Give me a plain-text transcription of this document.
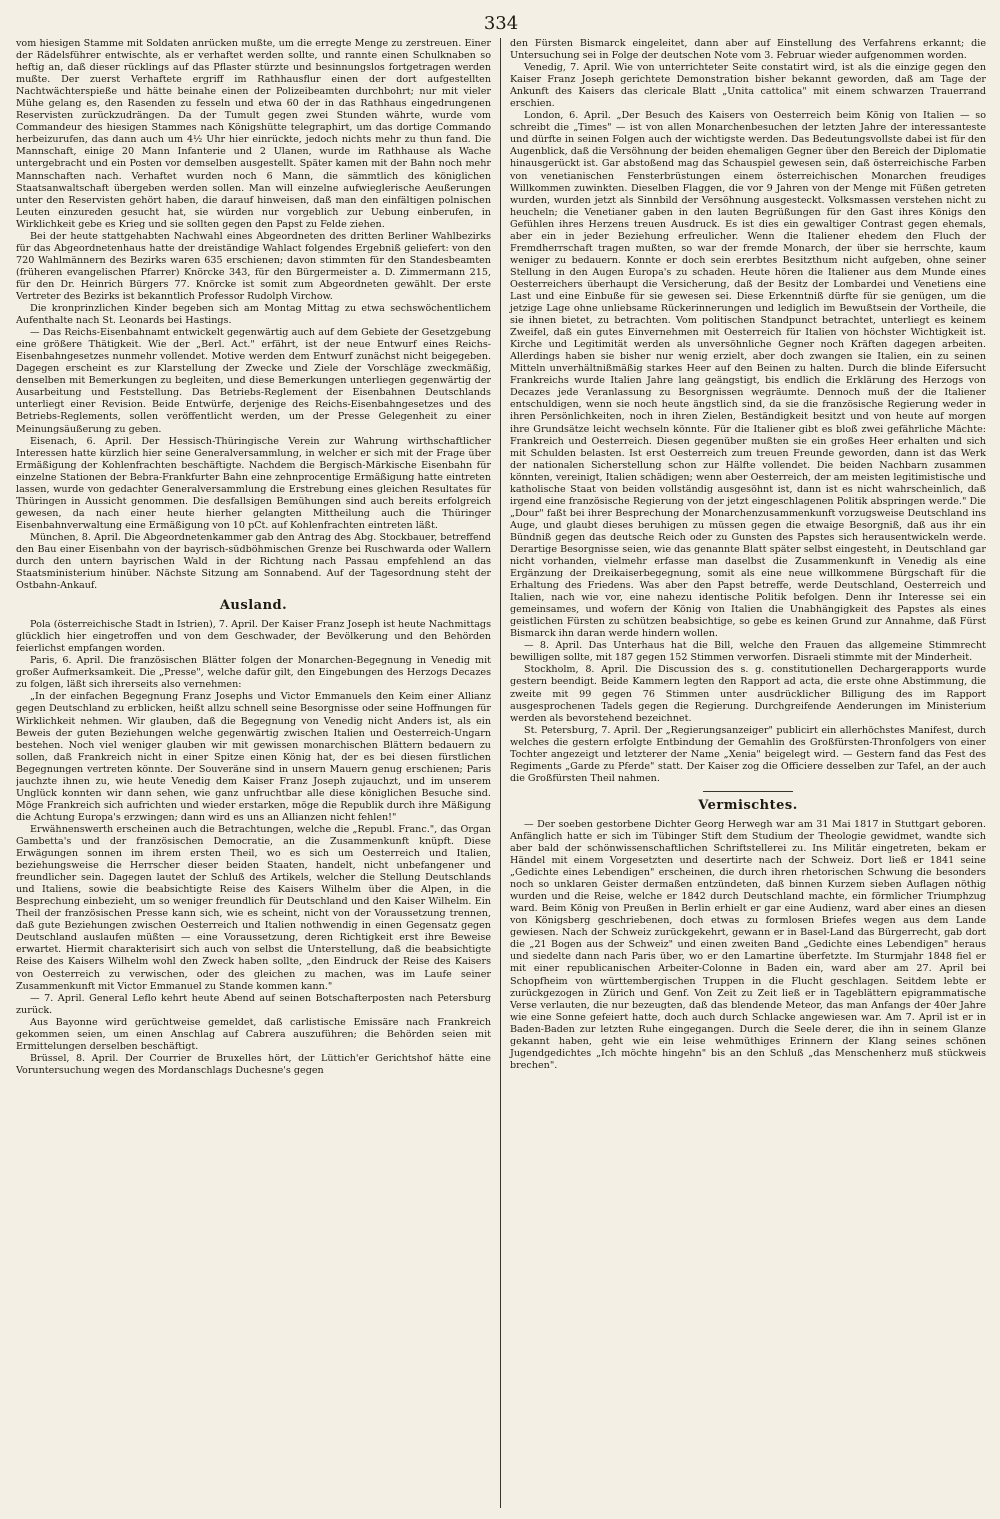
334

vom hiesigen Stamme mit Soldaten anrücken mußte, um die erregte Menge zu zerstreuen. Einer der Rädelsführer entwischte, als er verhaftet werden sollte, und rannte einen Schulknaben so heftig an, daß dieser rücklings auf das Pflaster stürzte und besinnungslos fortgetragen werden mußte. Der zuerst Verhaftete ergriff im Rathhausflur einen der dort aufgestellten Nachtwächterspieße und hätte beinahe einen der Polizeibeamten durchbohrt; nur mit vieler Mühe gelang es, den Rasenden zu fesseln und etwa 60 der in das Rathhaus eingedrungenen Reservisten zurückzudrängen. Da der Tumult gegen zwei Stunden währte, wurde vom Commandeur des hiesigen Stammes nach Königshütte telegraphirt, um das dortige Commando herbeizurufen, das dann auch um 4½ Uhr hier einrückte, jedoch nichts mehr zu thun fand. Die Mannschaft, einige 20 Mann Infanterie und 2 Ulanen, wurde im Rathhause als Wache untergebracht und ein Posten vor demselben ausgestellt. Später kamen mit der Bahn noch mehr Mannschaften nach. Verhaftet wurden noch 6 Mann, die sämmtlich des königlichen Staatsanwaltschaft übergeben werden sollen. Man will einzelne aufwieglerische Aeußerungen unter den Reservisten gehört haben, die darauf hinweisen, daß man den einfältigen polnischen Leuten einzureden gesucht hat, sie würden nur vorgeblich zur Uebung einberufen, in Wirklichkeit gebe es Krieg und sie sollten gegen den Papst zu Felde ziehen.

Bei der heute stattgehabten Nachwahl eines Abgeordneten des dritten Berliner Wahlbezirks für das Abgeordnetenhaus hatte der dreiständige Wahlact folgendes Ergebniß geliefert: von den 720 Wahlmännern des Bezirks waren 635 erschienen; davon stimmten für den Standesbeamten (früheren evangelischen Pfarrer) Knörcke 343, für den Bürgermeister a. D. Zimmermann 215, für den Dr. Heinrich Bürgers 77. Knörcke ist somit zum Abgeordneten gewählt. Der erste Vertreter des Bezirks ist bekanntlich Professor Rudolph Virchow.

Die kronprinzlichen Kinder begeben sich am Montag Mittag zu etwa sechswöchentlichem Aufenthalte nach St. Leonards bei Hastings.

— Das Reichs-Eisenbahnamt entwickelt gegenwärtig auch auf dem Gebiete der Gesetzgebung eine größere Thätigkeit. Wie der „Berl. Act." erfährt, ist der neue Entwurf eines Reichs-Eisenbahngesetzes nunmehr vollendet. Motive werden dem Entwurf zunächst nicht beigegeben. Dagegen erscheint es zur Klarstellung der Zwecke und Ziele der Vorschläge zweckmäßig, denselben mit Bemerkungen zu begleiten, und diese Bemerkungen unterliegen gegenwärtig der Ausarbeitung und Feststellung. Das Betriebs-Reglement der Eisenbahnen Deutschlands unterliegt einer Revision. Beide Entwürfe, derjenige des Reichs-Eisenbahngesetzes und des Betriebs-Reglements, sollen veröffentlicht werden, um der Presse Gelegenheit zu einer Meinungsäußerung zu geben.

Eisenach, 6. April. Der Hessisch-Thüringische Verein zur Wahrung wirthschaftlicher Interessen hatte kürzlich hier seine Generalversammlung, in welcher er sich mit der Frage über Ermäßigung der Kohlenfrachten beschäftigte. Nachdem die Bergisch-Märkische Eisenbahn für einzelne Stationen der Bebra-Frankfurter Bahn eine zehnprocentige Ermäßigung hatte eintreten lassen, wurde von gedachter Generalversammlung die Erstrebung eines gleichen Resultates für Thüringen in Aussicht genommen. Die desfallsigen Bemühungen sind auch bereits erfolgreich gewesen, da nach einer heute hierher gelangten Mittheilung auch die Thüringer Eisenbahnverwaltung eine Ermäßigung von 10 pCt. auf Kohlenfrachten eintreten läßt.

München, 8. April. Die Abgeordnetenkammer gab den Antrag des Abg. Stockbauer, betreffend den Bau einer Eisenbahn von der bayrisch-südböhmischen Grenze bei Ruschwarda oder Wallern durch den untern bayrischen Wald in der Richtung nach Passau empfehlend an das Staatsministerium hinüber. Nächste Sitzung am Sonnabend. Auf der Tagesordnung steht der Ostbahn-Ankauf.

Ausland.

Pola (österreichische Stadt in Istrien), 7. April. Der Kaiser Franz Joseph ist heute Nachmittags glücklich hier eingetroffen und von dem Geschwader, der Bevölkerung und den Behörden feierlichst empfangen worden.

Paris, 6. April. Die französischen Blätter folgen der Monarchen-Begegnung in Venedig mit großer Aufmerksamkeit. Die „Presse", welche dafür gilt, den Eingebungen des Herzogs Decazes zu folgen, läßt sich ihrerseits also vernehmen:

„In der einfachen Begegnung Franz Josephs und Victor Emmanuels den Keim einer Allianz gegen Deutschland zu erblicken, heißt allzu schnell seine Besorgnisse oder seine Hoffnungen für Wirklichkeit nehmen. Wir glauben, daß die Begegnung von Venedig nicht Anders ist, als ein Beweis der guten Beziehungen welche gegenwärtig zwischen Italien und Oesterreich-Ungarn bestehen. Noch viel weniger glauben wir mit gewissen monarchischen Blättern bedauern zu sollen, daß Frankreich nicht in einer Spitze einen König hat, der es bei diesen fürstlichen Begegnungen vertreten könnte. Der Souveräne sind in unsern Mauern genug erschienen; Paris jauchzte ihnen zu, wie heute Venedig dem Kaiser Franz Joseph zujauchzt, und im unserem Unglück konnten wir dann sehen, wie ganz unfruchtbar alle diese königlichen Besuche sind. Möge Frankreich sich aufrichten und wieder erstarken, möge die Republik durch ihre Mäßigung die Achtung Europa's erzwingen; dann wird es uns an Allianzen nicht fehlen!"

Erwähnenswerth erscheinen auch die Betrachtungen, welche die „Republ. Franc.", das Organ Gambetta's und der französischen Democratie, an die Zusammenkunft knüpft. Diese Erwägungen sonnen im ihrem ersten Theil, wo es sich um Oesterreich und Italien, beziehungsweise die Herrscher dieser beiden Staaten, handelt, nicht unbefangener und freundlicher sein. Dagegen lautet der Schluß des Artikels, welcher die Stellung Deutschlands und Italiens, sowie die beabsichtigte Reise des Kaisers Wilhelm über die Alpen, in die Besprechung einbezieht, um so weniger freundlich für Deutschland und den Kaiser Wilhelm. Ein Theil der französischen Presse kann sich, wie es scheint, nicht von der Voraussetzung trennen, daß gute Beziehungen zwischen Oesterreich und Italien nothwendig in einen Gegensatz gegen Deutschland auslaufen müßten — eine Voraussetzung, deren Richtigkeit erst ihre Beweise erwartet. Hiermit charakterisirt sich auch von selbst die Unterstellung, daß die beabsichtigte Reise des Kaisers Wilhelm wohl den Zweck haben sollte, „den Eindruck der Reise des Kaisers von Oesterreich zu verwischen, oder des gleichen zu machen, was im Laufe seiner Zusammenkunft mit Victor Emmanuel zu Stande kommen kann."

— 7. April. General Leflo kehrt heute Abend auf seinen Botschafterposten nach Petersburg zurück.

Aus Bayonne wird gerüchtweise gemeldet, daß carlistische Emissäre nach Frankreich gekommen seien, um einen Anschlag auf Cabrera auszuführen; die Behörden seien mit Ermittelungen derselben beschäftigt.

Brüssel, 8. April. Der Courrier de Bruxelles hört, der Lüttich'er Gerichtshof hätte eine Voruntersuchung wegen des Mordanschlags Duchesne's gegen

den Fürsten Bismarck eingeleitet, dann aber auf Einstellung des Verfahrens erkannt; die Untersuchung sei in Folge der deutschen Note vom 3. Februar wieder aufgenommen worden.

Venedig, 7. April. Wie von unterrichteter Seite constatirt wird, ist als die einzige gegen den Kaiser Franz Joseph gerichtete Demonstration bisher bekannt geworden, daß am Tage der Ankunft des Kaisers das clericale Blatt „Unita cattolica" mit einem schwarzen Trauerrand erschien.

London, 6. April. „Der Besuch des Kaisers von Oesterreich beim König von Italien — so schreibt die „Times" — ist von allen Monarchenbesuchen der letzten Jahre der interessanteste und dürfte in seinen Folgen auch der wichtigste werden. Das Bedeutungsvollste dabei ist für den Augenblick, daß die Versöhnung der beiden ehemaligen Gegner über den Bereich der Diplomatie hinausgerückt ist. Gar abstoßend mag das Schauspiel gewesen sein, daß österreichische Farben von venetianischen Fensterbrüstungen einem österreichischen Monarchen freudiges Willkommen zuwinkten. Dieselben Flaggen, die vor 9 Jahren von der Menge mit Füßen getreten wurden, wurden jetzt als Sinnbild der Versöhnung ausgesteckt. Volksmassen verstehen nicht zu heucheln; die Venetianer gaben in den lauten Begrüßungen für den Gast ihres Königs den Gefühlen ihres Herzens treuen Ausdruck. Es ist dies ein gewaltiger Contrast gegen ehemals, aber ein in jeder Beziehung erfreulicher. Wenn die Italiener ehedem den Fluch der Fremdherrschaft tragen mußten, so war der fremde Monarch, der über sie herrschte, kaum weniger zu bedauern. Konnte er doch sein ererbtes Besitzthum nicht aufgeben, ohne seiner Stellung in den Augen Europa's zu schaden. Heute hören die Italiener aus dem Munde eines Oesterreichers überhaupt die Versicherung, daß der Besitz der Lombardei und Venetiens eine Last und eine Einbuße für sie gewesen sei. Diese Erkenntniß dürfte für sie genügen, um die jetzige Lage ohne unliebsame Rückerinnerungen und lediglich im Bewußtsein der Vortheile, die sie ihnen bietet, zu betrachten. Vom politischen Standpunct betrachtet, unterliegt es keinem Zweifel, daß ein gutes Einvernehmen mit Oesterreich für Italien von höchster Wichtigkeit ist. Kirche und Legitimität werden als unversöhnliche Gegner noch Kräften dagegen arbeiten. Allerdings haben sie bisher nur wenig erzielt, aber doch zwangen sie Italien, ein zu seinen Mitteln unverhältnißmäßig starkes Heer auf den Beinen zu halten. Durch die blinde Eifersucht Frankreichs wurde Italien Jahre lang geängstigt, bis endlich die Erklärung des Herzogs von Decazes jede Veranlassung zu Besorgnissen wegräumte. Dennoch muß der die Italiener entschuldigen, wenn sie noch heute ängstlich sind, da sie die französische Regierung weder in ihren Persönlichkeiten, noch in ihren Zielen, Beständigkeit besitzt und von heute auf morgen ihre Grundsätze leicht wechseln könnte. Für die Italiener gibt es bloß zwei gefährliche Mächte: Frankreich und Oesterreich. Diesen gegenüber mußten sie ein großes Heer erhalten und sich mit Schulden belasten. Ist erst Oesterreich zum treuen Freunde geworden, dann ist das Werk der nationalen Sicherstellung schon zur Hälfte vollendet. Die beiden Nachbarn zusammen könnten, vereinigt, Italien schädigen; wenn aber Oesterreich, der am meisten legitimistische und katholische Staat von beiden vollständig ausgesöhnt ist, dann ist es nicht wahrscheinlich, daß irgend eine französische Regierung von der jetzt eingeschlagenen Politik abspringen werde." Die „Dour" faßt bei ihrer Besprechung der Monarchenzusammenkunft vorzugsweise Deutschland ins Auge, und glaubt dieses beruhigen zu müssen gegen die etwaige Besorgniß, daß aus ihr ein Bündniß gegen das deutsche Reich oder zu Gunsten des Papstes sich herausentwickeln werde. Derartige Besorgnisse seien, wie das genannte Blatt später selbst eingesteht, in Deutschland gar nicht vorhanden, vielmehr erfasse man daselbst die Zusammenkunft in Venedig als eine Ergänzung der Dreikaiserbegegnung, somit als eine neue willkommene Bürgschaft für die Erhaltung des Friedens. Was aber den Papst betreffe, werde Deutschland, Oesterreich und Italien, nach wie vor, eine nahezu identische Politik befolgen. Denn ihr Interesse sei ein gemeinsames, und wofern der König von Italien die Unabhängigkeit des Papstes als eines geistlichen Fürsten zu schützen beabsichtige, so gebe es keinen Grund zur Annahme, daß Fürst Bismarck ihn daran werde hindern wollen.

— 8. April. Das Unterhaus hat die Bill, welche den Frauen das allgemeine Stimmrecht bewilligen sollte, mit 187 gegen 152 Stimmen verworfen. Disraeli stimmte mit der Minderheit.

Stockholm, 8. April. Die Discussion des s. g. constitutionellen Dechargerapports wurde gestern beendigt. Beide Kammern legten den Rapport ad acta, die erste ohne Abstimmung, die zweite mit 99 gegen 76 Stimmen unter ausdrücklicher Billigung des im Rapport ausgesprochenen Tadels gegen die Regierung. Durchgreifende Aenderungen im Ministerium werden als bevorstehend bezeichnet.

St. Petersburg, 7. April. Der „Regierungsanzeiger" publicirt ein allerhöchstes Manifest, durch welches die gestern erfolgte Entbindung der Gemahlin des Großfürsten-Thronfolgers von einer Tochter angezeigt und letzterer der Name „Xenia" beigelegt wird. — Gestern fand das Fest des Regiments „Garde zu Pferde" statt. Der Kaiser zog die Officiere desselben zur Tafel, an der auch die Großfürsten Theil nahmen.

Vermischtes.

— Der soeben gestorbene Dichter Georg Herwegh war am 31 Mai 1817 in Stuttgart geboren. Anfänglich hatte er sich im Tübinger Stift dem Studium der Theologie gewidmet, wandte sich aber bald der schönwissenschaftlichen Schriftstellerei zu. Ins Militär eingetreten, bekam er Händel mit einem Vorgesetzten und desertirte nach der Schweiz. Dort ließ er 1841 seine „Gedichte eines Lebendigen" erscheinen, die durch ihren rhetorischen Schwung die besonders noch so unklaren Geister dermaßen entzündeten, daß binnen Kurzem sieben Auflagen nöthig wurden und die Reise, welche er 1842 durch Deutschland machte, ein förmlicher Triumphzug ward. Beim König von Preußen in Berlin erhielt er gar eine Audienz, ward aber eines an diesen von Königsberg geschriebenen, doch etwas zu formlosen Briefes wegen aus dem Lande gewiesen. Nach der Schweiz zurückgekehrt, gewann er in Basel-Land das Bürgerrecht, gab dort die „21 Bogen aus der Schweiz" und einen zweiten Band „Gedichte eines Lebendigen" heraus und siedelte dann nach Paris über, wo er den Lamartine überfetzte. Im Sturmjahr 1848 fiel er mit einer republicanischen Arbeiter-Colonne in Baden ein, ward aber am 27. April bei Schopfheim von württembergischen Truppen in die Flucht geschlagen. Seitdem lebte er zurückgezogen in Zürich und Genf. Von Zeit zu Zeit ließ er in Tageblättern epigrammatische Verse verlauten, die nur bezeugten, daß das blendende Meteor, das man Anfangs der 40er Jahre wie eine Sonne gefeiert hatte, doch auch durch Schlacke angewiesen war. Am 7. April ist er in Baden-Baden zur letzten Ruhe eingegangen. Durch die Seele derer, die ihn in seinem Glanze gekannt haben, geht wie ein leise wehmüthiges Erinnern der Klang seines schönen Jugendgedichtes „Ich möchte hingehn" bis an den Schluß „das Menschenherz muß stückweis brechen".
